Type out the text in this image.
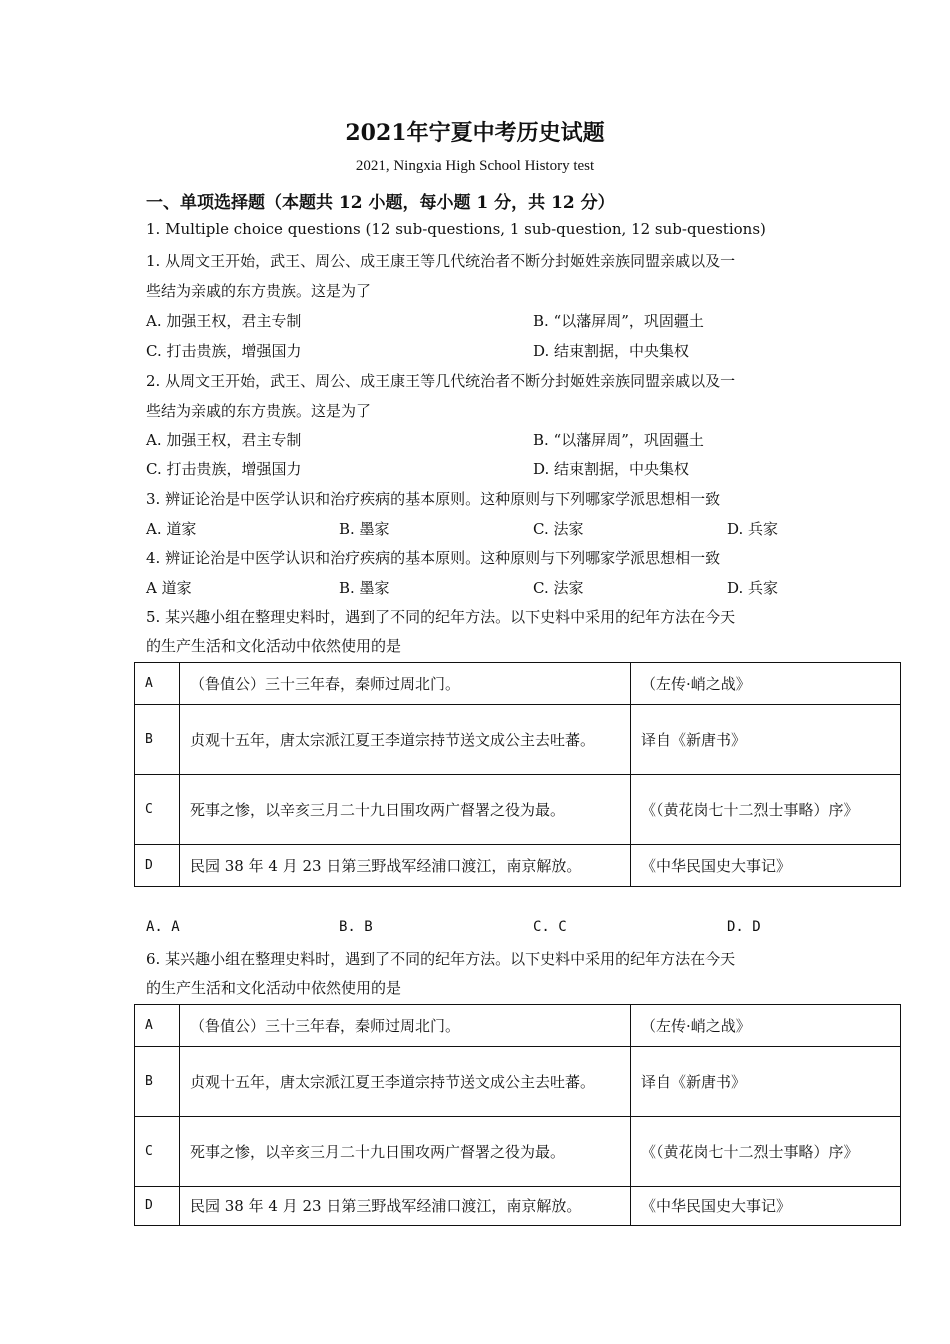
2021年宁夏中考历史试题
2021, Ningxia High School History test
一、单项选择题（本题共 12 小题，每小题 1 分，共 12 分）
1. Multiple choice questions (12 sub-questions, 1 sub-question, 12 sub-questions)
1. 从周文王开始，武王、周公、成王康王等几代统治者不断分封姬姓亲族同盟亲戚以及一
些结为亲戚的东方贵族。这是为了
A. 加强王权，君主专制	B. “以藩屏周”，巩固疆土
C. 打击贵族，增强国力	D. 结束割据，中央集权
2. 从周文王开始，武王、周公、成王康王等几代统治者不断分封姬姓亲族同盟亲戚以及一
些结为亲戚的东方贵族。这是为了
A. 加强王权，君主专制	B. “以藩屏周”，巩固疆土
C. 打击贵族，增强国力	D. 结束割据，中央集权
3. 辨证论治是中医学认识和治疗疾病的基本原则。这种原则与下列哪家学派思想相一致
A. 道家	B. 墨家	C. 法家	D. 兵家
4. 辨证论治是中医学认识和治疗疾病的基本原则。这种原则与下列哪家学派思想相一致
A 道家	B. 墨家	C. 法家	D. 兵家
5. 某兴趣小组在整理史料时，遇到了不同的纪年方法。以下史料中采用的纪年方法在今天
的生产生活和文化活动中依然使用的是
A	（鲁值公）三十三年春，秦师过周北门。	（左传·峭之战》
B	贞观十五年，唐太宗派江夏王李道宗持节送文成公主去吐蕃。	译自《新唐书》
C	死事之惨，以辛亥三月二十九日围攻两广督署之役为最。	《（黄花岗七十二烈士事略）序》
D	民园 38 年 4 月 23 日第三野战军经浦口渡江，南京解放。	《中华民国史大事记》
A. A	B. B	C. C	D. D
6. 某兴趣小组在整理史料时，遇到了不同的纪年方法。以下史料中采用的纪年方法在今天
的生产生活和文化活动中依然使用的是
A	（鲁值公）三十三年春，秦师过周北门。	（左传·峭之战》
B	贞观十五年，唐太宗派江夏王李道宗持节送文成公主去吐蕃。	译自《新唐书》
C	死事之惨，以辛亥三月二十九日围攻两广督署之役为最。	《（黄花岗七十二烈士事略）序》
D	民园 38 年 4 月 23 日第三野战军经浦口渡江，南京解放。	《中华民国史大事记》
